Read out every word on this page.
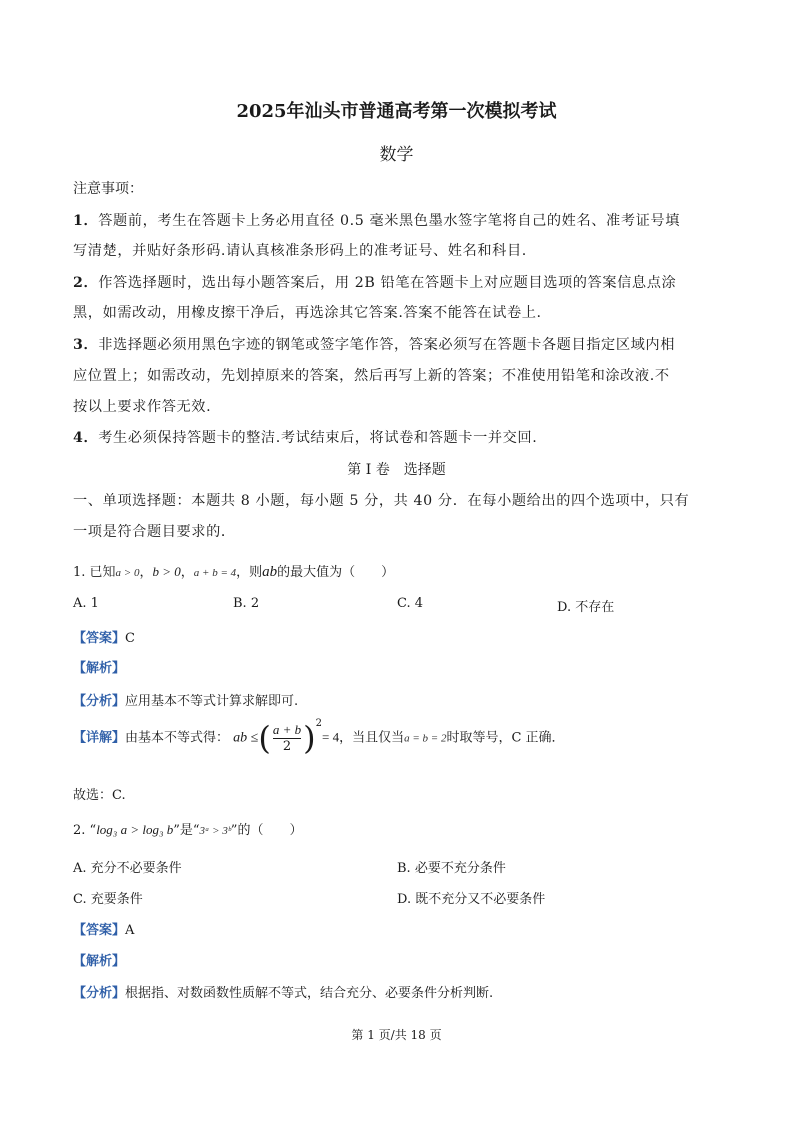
2025年汕头市普通高考第一次模拟考试
数学
注意事项：
1．答题前，考生在答题卡上务必用直径 0.5 毫米黑色墨水签字笔将自己的姓名、准考证号填
写清楚，并贴好条形码.请认真核准条形码上的准考证号、姓名和科目.
2．作答选择题时，选出每小题答案后，用 2B 铅笔在答题卡上对应题目选项的答案信息点涂
黑，如需改动，用橡皮擦干净后，再选涂其它答案.答案不能答在试卷上.
3．非选择题必须用黑色字迹的钢笔或签字笔作答，答案必须写在答题卡各题目指定区域内相
应位置上；如需改动，先划掉原来的答案，然后再写上新的答案；不准使用铅笔和涂改液.不
按以上要求作答无效.
4．考生必须保持答题卡的整洁.考试结束后，将试卷和答题卡一并交回.
第 I 卷　选择题
一、单项选择题：本题共 8 小题，每小题 5 分，共 40 分．在每小题给出的四个选项中，只有
一项是符合题目要求的．
1. 已知a > 0，b > 0，a + b = 4，则ab的最大值为（　　）
A. 1	B. 2	C. 4	D. 不存在
【答案】C
【解析】
【分析】应用基本不等式计算求解即可.
【详解】由基本不等式得： ab ≤( $\frac{a + b}{2} )^2= 4$，当且仅当a = b = 2时取等号，C 正确．
故选：C.
2. “log₃ a > log₃ b”是“3ᵃ > 3ᵇ”的（　　）
A. 充分不必要条件	B. 必要不充分条件
C. 充要条件	D. 既不充分又不必要条件
【答案】A
【解析】
【分析】根据指、对数函数性质解不等式，结合充分、必要条件分析判断.
第 1 页/共 18 页
